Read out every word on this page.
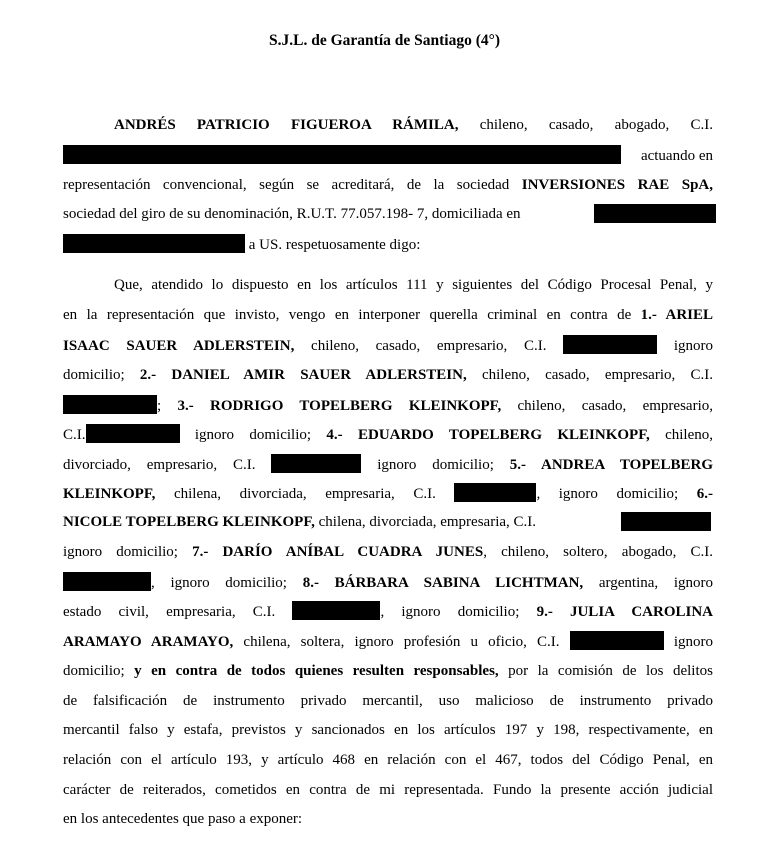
S.J.L. de Garantía de Santiago (4°)
ANDRÉS PATRICIO FIGUEROA RÁMILA, chileno, casado, abogado, C.I.
actuando en
representación convencional, según se acreditará, de la sociedad INVERSIONES RAE SpA,
sociedad del giro de su denominación, R.U.T. 77.057.198- 7, domiciliada en
a US. respetuosamente digo:
Que, atendido lo dispuesto en los artículos 111 y siguientes del Código Procesal Penal, y
en la representación que invisto, vengo en interponer querella criminal en contra de 1.- ARIEL
ISAAC SAUER ADLERSTEIN, chileno, casado, empresario, C.I.	ignoro
domicilio; 2.- DANIEL AMIR SAUER ADLERSTEIN, chileno, casado, empresario, C.I.
; 3.- RODRIGO TOPELBERG KLEINKOPF, chileno, casado, empresario,
C.I.	ignoro domicilio; 4.- EDUARDO TOPELBERG KLEINKOPF, chileno,
divorciado, empresario, C.I.	ignoro domicilio; 5.- ANDREA TOPELBERG
KLEINKOPF, chilena, divorciada, empresaria, C.I.	, ignoro domicilio; 6.-
NICOLE TOPELBERG KLEINKOPF, chilena, divorciada, empresaria, C.I.
ignoro domicilio; 7.- DARÍO ANÍBAL CUADRA JUNES, chileno, soltero, abogado, C.I.
, ignoro domicilio; 8.- BÁRBARA SABINA LICHTMAN, argentina, ignoro
estado civil, empresaria, C.I.	, ignoro domicilio; 9.- JULIA CAROLINA
ARAMAYO ARAMAYO, chilena, soltera, ignoro profesión u oficio, C.I.	ignoro
domicilio; y en contra de todos quienes resulten responsables, por la comisión de los delitos
de falsificación de instrumento privado mercantil, uso malicioso de instrumento privado
mercantil falso y estafa, previstos y sancionados en los artículos 197 y 198, respectivamente, en
relación con el artículo 193, y artículo 468 en relación con el 467, todos del Código Penal, en
carácter de reiterados, cometidos en contra de mi representada. Fundo la presente acción judicial
en los antecedentes que paso a exponer:
